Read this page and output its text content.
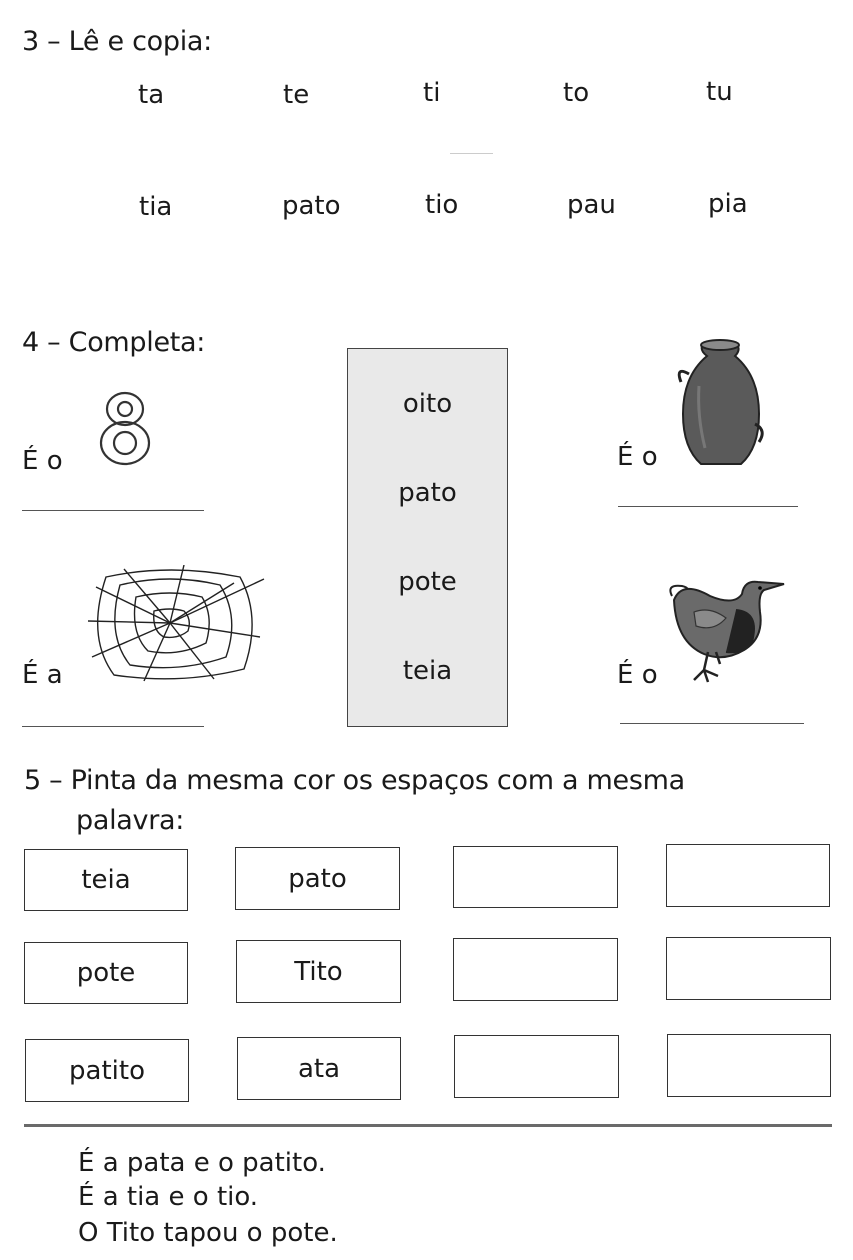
3 – Lê e copia:
ta	te	ti	to	tu
tia	pato	tio	pau	pia
4 – Completa:
É o
oito
pato
pote
teia
É o
É a	É o
5 – Pinta da mesma cor os espaços com a mesma
palavra:
teia	pato
pote	Tito
patito	ata
É a pata e o patito.
É a tia e o tio.
O Tito tapou o pote.
